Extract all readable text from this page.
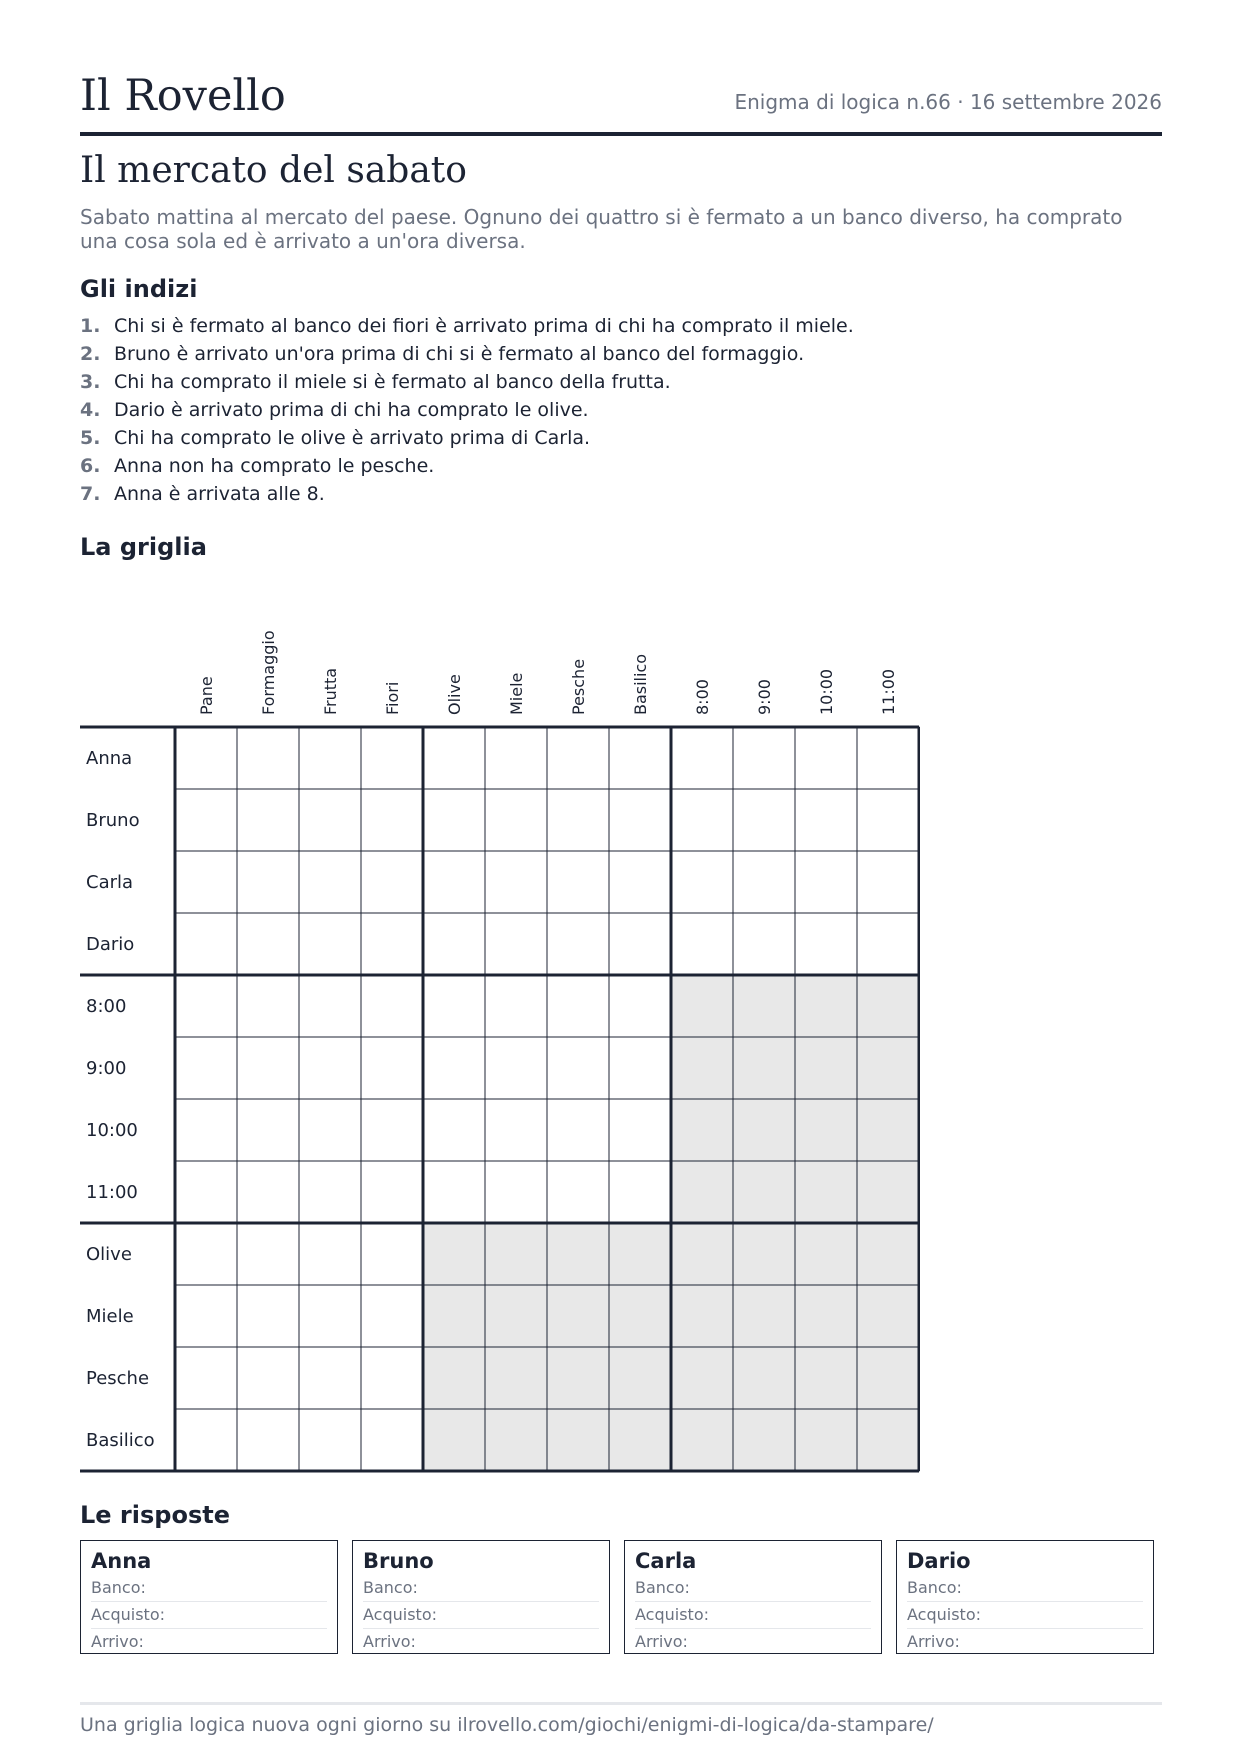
Il Rovello	Enigma di logica n.66 · 16 settembre 2026
Il mercato del sabato

Sabato mattina al mercato del paese. Ognuno dei quattro si è fermato a un banco diverso, ha comprato una cosa sola ed è arrivato a un'ora diversa.

Gli indizi
1. Chi si è fermato al banco dei fiori è arrivato prima di chi ha comprato il miele.
2. Bruno è arrivato un'ora prima di chi si è fermato al banco del formaggio.
3. Chi ha comprato il miele si è fermato al banco della frutta.
4. Dario è arrivato prima di chi ha comprato le olive.
5. Chi ha comprato le olive è arrivato prima di Carla.
6. Anna non ha comprato le pesche.
7. Anna è arrivata alle 8.
La griglia
Pane	Formaggio	Frutta	Fiori	Olive	Miele	Pesche	Basilico	8:00	9:00	10:00	11:00
Anna
Bruno
Carla
Dario
8:00
9:00
10:00
11:00
Olive
Miele
Pesche
Basilico
Le risposte
Anna
Banco:
Acquisto:
Arrivo:
Bruno
Banco:
Acquisto:
Arrivo:
Carla
Banco:
Acquisto:
Arrivo:
Dario
Banco:
Acquisto:
Arrivo:
Una griglia logica nuova ogni giorno su ilrovello.com/giochi/enigmi-di-logica/da-stampare/
